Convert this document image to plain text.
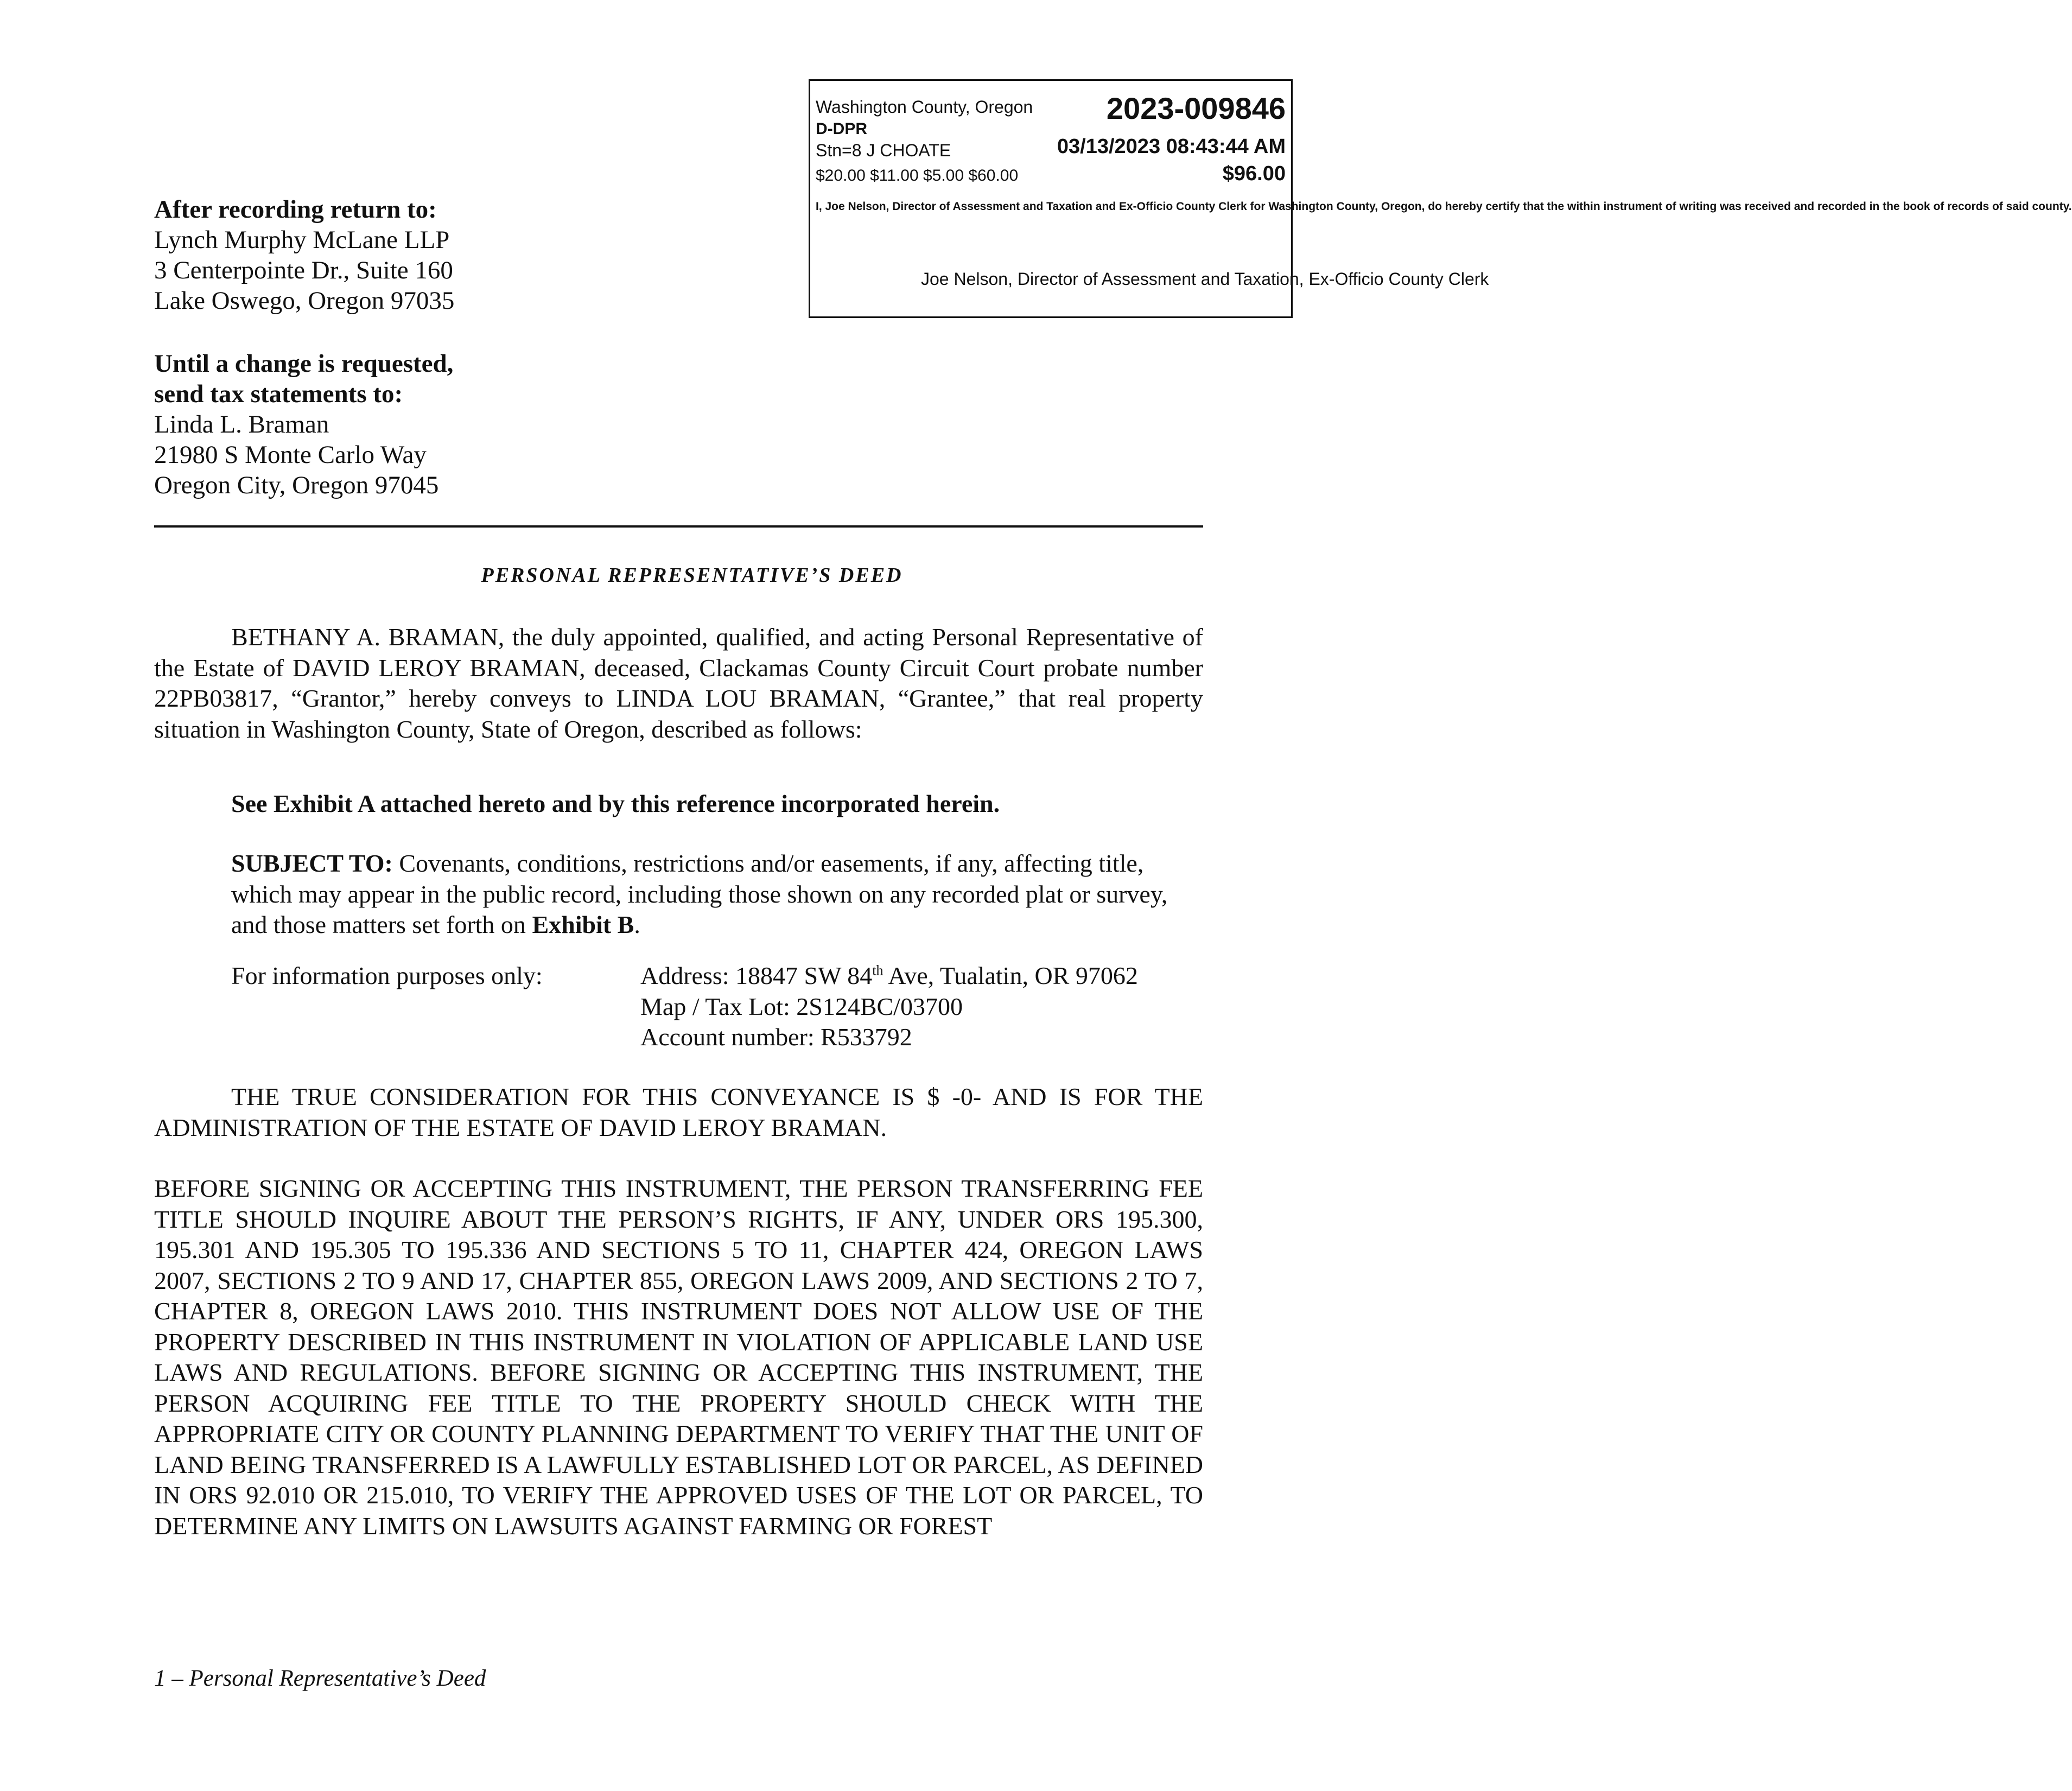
Washington County, Oregon 2023-009846
D-DPR
Stn=8 J CHOATE	03/13/2023 08:43:44 AM
$20.00 $11.00 $5.00 $60.00	$96.00
I, Joe Nelson, Director of Assessment and Taxation and Ex-Officio County Clerk for Washington County, Oregon, do hereby certify that the within instrument of writing was received and recorded in the book of records of said county.
Joe Nelson, Director of Assessment and Taxation, Ex-Officio County Clerk
After recording return to:
Lynch Murphy McLane LLP
3 Centerpointe Dr., Suite 160
Lake Oswego, Oregon 97035
Until a change is requested,
send tax statements to:
Linda L. Braman
21980 S Monte Carlo Way
Oregon City, Oregon 97045
PERSONAL REPRESENTATIVE’S DEED
BETHANY A. BRAMAN, the duly appointed, qualified, and acting Personal Representative of the Estate of DAVID LEROY BRAMAN, deceased, Clackamas County Circuit Court probate number 22PB03817, “Grantor,” hereby conveys to LINDA LOU BRAMAN, “Grantee,” that real property situation in Washington County, State of Oregon, described as follows:
See Exhibit A attached hereto and by this reference incorporated herein.
SUBJECT TO: Covenants, conditions, restrictions and/or easements, if any, affecting title, which may appear in the public record, including those shown on any recorded plat or survey, and those matters set forth on Exhibit B.
For information purposes only:	Address: 18847 SW 84th Ave, Tualatin, OR 97062
Map / Tax Lot: 2S124BC/03700
Account number: R533792
THE TRUE CONSIDERATION FOR THIS CONVEYANCE IS $ -0- AND IS FOR THE ADMINISTRATION OF THE ESTATE OF DAVID LEROY BRAMAN.
BEFORE SIGNING OR ACCEPTING THIS INSTRUMENT, THE PERSON TRANSFERRING FEE TITLE SHOULD INQUIRE ABOUT THE PERSON’S RIGHTS, IF ANY, UNDER ORS 195.300, 195.301 AND 195.305 TO 195.336 AND SECTIONS 5 TO 11, CHAPTER 424, OREGON LAWS 2007, SECTIONS 2 TO 9 AND 17, CHAPTER 855, OREGON LAWS 2009, AND SECTIONS 2 TO 7, CHAPTER 8, OREGON LAWS 2010. THIS INSTRUMENT DOES NOT ALLOW USE OF THE PROPERTY DESCRIBED IN THIS INSTRUMENT IN VIOLATION OF APPLICABLE LAND USE LAWS AND REGULATIONS. BEFORE SIGNING OR ACCEPTING THIS INSTRUMENT, THE PERSON ACQUIRING FEE TITLE TO THE PROPERTY SHOULD CHECK WITH THE APPROPRIATE CITY OR COUNTY PLANNING DEPARTMENT TO VERIFY THAT THE UNIT OF LAND BEING TRANSFERRED IS A LAWFULLY ESTABLISHED LOT OR PARCEL, AS DEFINED IN ORS 92.010 OR 215.010, TO VERIFY THE APPROVED USES OF THE LOT OR PARCEL, TO DETERMINE ANY LIMITS ON LAWSUITS AGAINST FARMING OR FOREST
1 – Personal Representative’s Deed
